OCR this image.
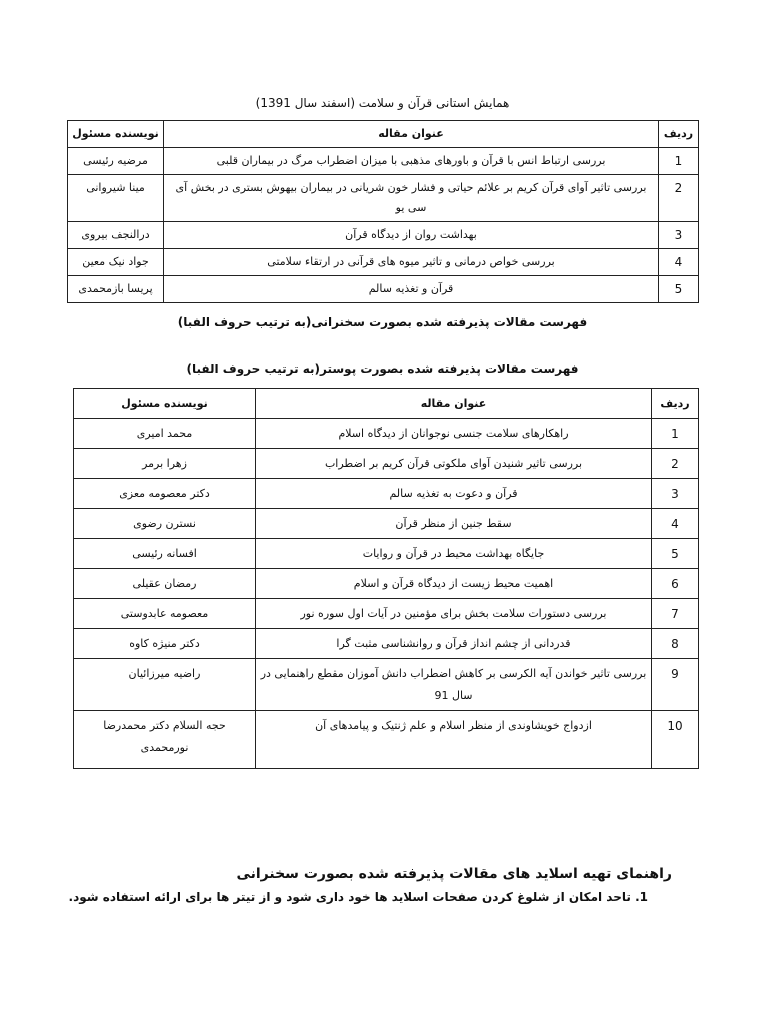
همایش استانی قرآن و سلامت (اسفند سال 1391)
ردیف	عنوان مقاله	نویسنده مسئول
1	بررسی ارتباط انس با قرآن و باورهای مذهبی با میزان اضطراب مرگ در بیماران قلبی	مرضیه رئیسی
2	بررسی تاثیر آوای قرآن کریم بر علائم حیاتی و فشار خون شریانی در بیماران بیهوش بستری در بخش آی سی یو	مینا شیروانی
3	بهداشت روان از دیدگاه قرآن	درالنجف بیروی
4	بررسی خواص درمانی و تاثیر میوه های قرآنی در ارتقاء سلامتی	جواد نیک معین
5	قرآن و تغذیه سالم	پریسا بازمحمدی
فهرست مقالات پذیرفته شده بصورت سخنرانی(به ترتیب حروف الفبا)
فهرست مقالات پذیرفته شده بصورت پوستر(به ترتیب حروف الفبا)
ردیف	عنوان مقاله	نویسنده مسئول
1	راهکارهای سلامت جنسی نوجوانان از دیدگاه اسلام	محمد امیری
2	بررسی تاثیر شنیدن آوای ملکوتی قرآن کریم بر اضطراب	زهرا برمر
3	قرآن و دعوت به تغذیه سالم	دکتر معصومه معزی
4	سقط جنین از منظر قرآن	نسترن رضوی
5	جایگاه بهداشت محیط در قرآن و روایات	افسانه رئیسی
6	اهمیت محیط زیست از دیدگاه قرآن و اسلام	رمضان عقیلی
7	بررسی دستورات سلامت بخش برای مؤمنین در آیات اول سوره نور	معصومه عابدوستی
8	قدردانی از چشم انداز قرآن و روانشناسی مثبت گرا	دکتر منیژه کاوه
9	بررسی تاثیر خواندن آیه الکرسی بر کاهش اضطراب دانش آموزان مقطع راهنمایی در سال 91	راضیه میرزائیان
10	ازدواج خویشاوندی از منظر اسلام و علم ژنتیک و پیامدهای آن	حجه السلام دکتر محمدرضا نورمحمدی
راهنمای تهیه اسلاید های مقالات پذیرفته شده بصورت سخنرانی
1. تاحد امکان از شلوغ کردن صفحات اسلاید ها خود داری شود و از تیتر ها برای ارائه استفاده شود.
